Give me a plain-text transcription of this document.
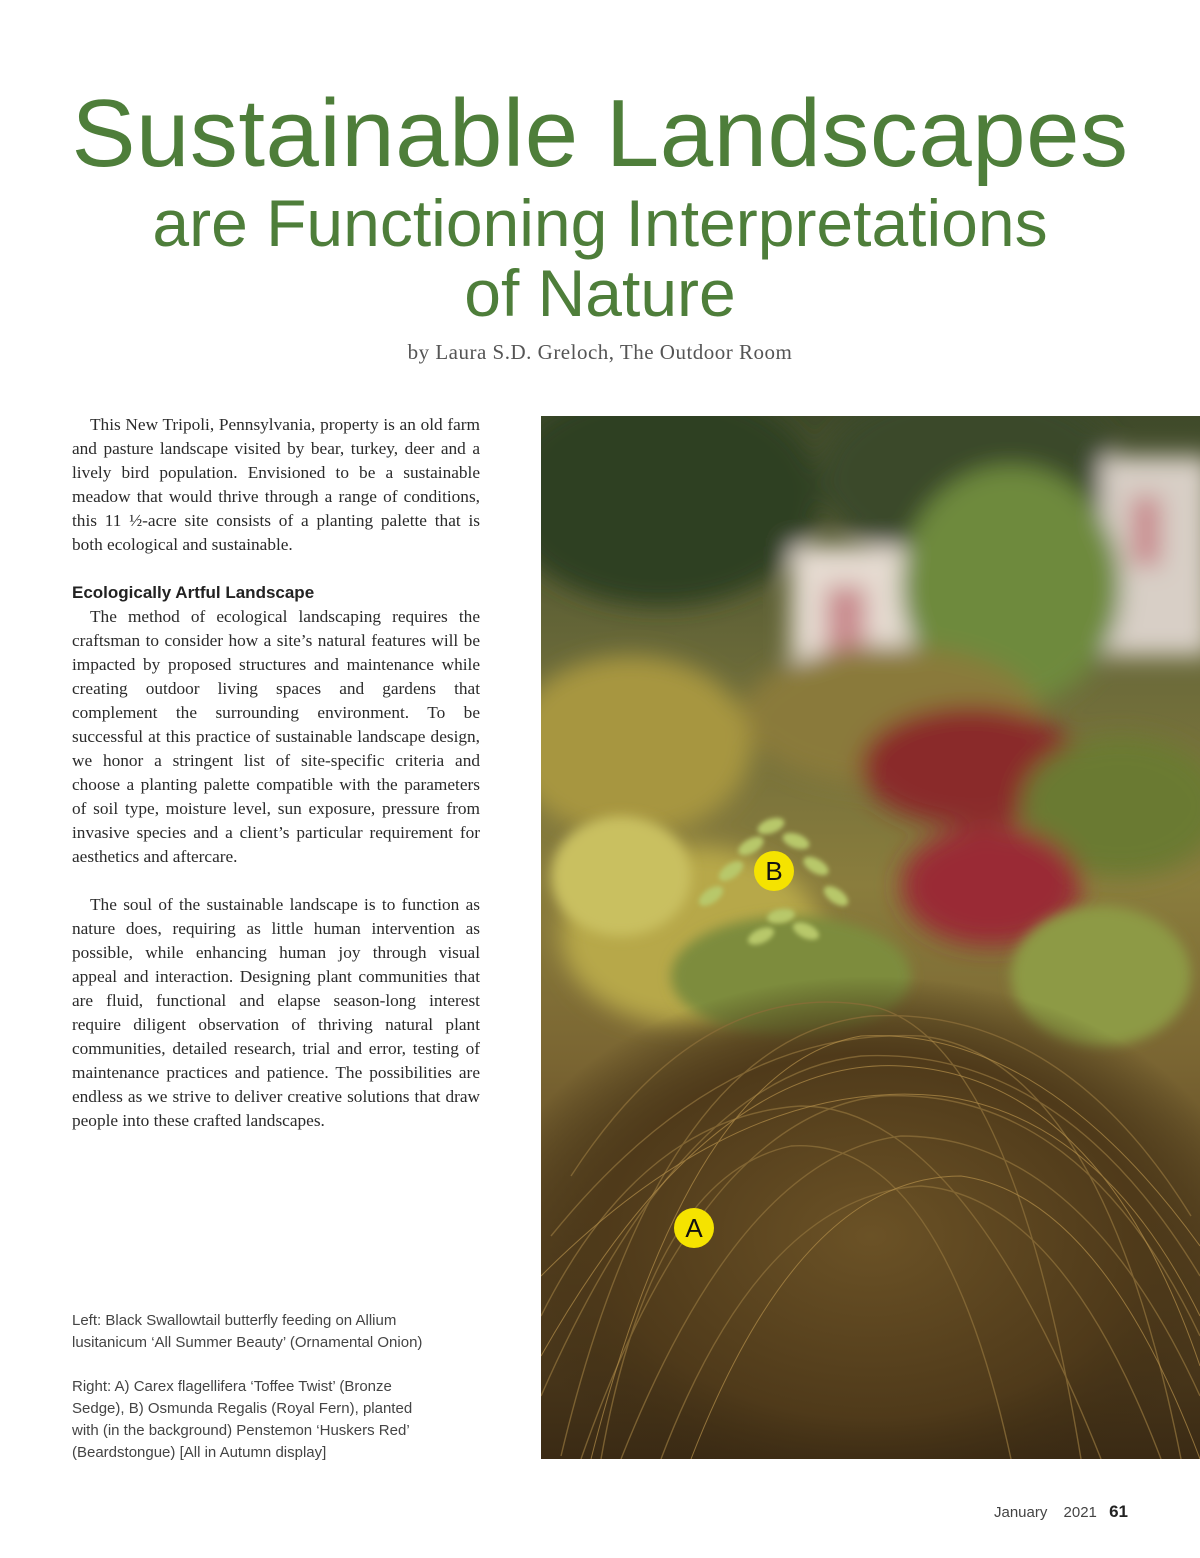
Sustainable Landscapes
are Functioning Interpretations
of Nature
by Laura S.D. Greloch, The Outdoor Room

This New Tripoli, Pennsylvania, property is an old farm and pasture landscape visited by bear, turkey, deer and a lively bird population. Envisioned to be a sustainable meadow that would thrive through a range of conditions, this 11 ½-acre site consists of a planting palette that is both ecological and sustainable.

Ecologically Artful Landscape

The method of ecological landscaping requires the craftsman to consider how a site’s natural features will be impacted by proposed structures and maintenance while creating outdoor living spaces and gardens that complement the surrounding environment. To be successful at this practice of sustainable landscape design, we honor a stringent list of site-specific criteria and choose a planting palette compatible with the parameters of soil type, moisture level, sun exposure, pressure from invasive species and a client’s particular requirement for aesthetics and aftercare.

The soul of the sustainable landscape is to function as nature does, requiring as little human intervention as possible, while enhancing human joy through visual appeal and interaction. Designing plant communities that are fluid, functional and elapse season-long interest require diligent observation of thriving natural plant communities, detailed research, trial and error, testing of maintenance practices and patience. The possibilities are endless as we strive to deliver creative solutions that draw people into these crafted landscapes.

Left: Black Swallowtail butterfly feeding on Allium lusitanicum ‘All Summer Beauty’ (Ornamental Onion)

Right: A) Carex flagellifera ‘Toffee Twist’ (Bronze Sedge), B) Osmunda Regalis (Royal Fern), planted with (in the background) Penstemon ‘Huskers Red’ (Beardstongue) [All in Autumn display]

B
A
January 2021 61
